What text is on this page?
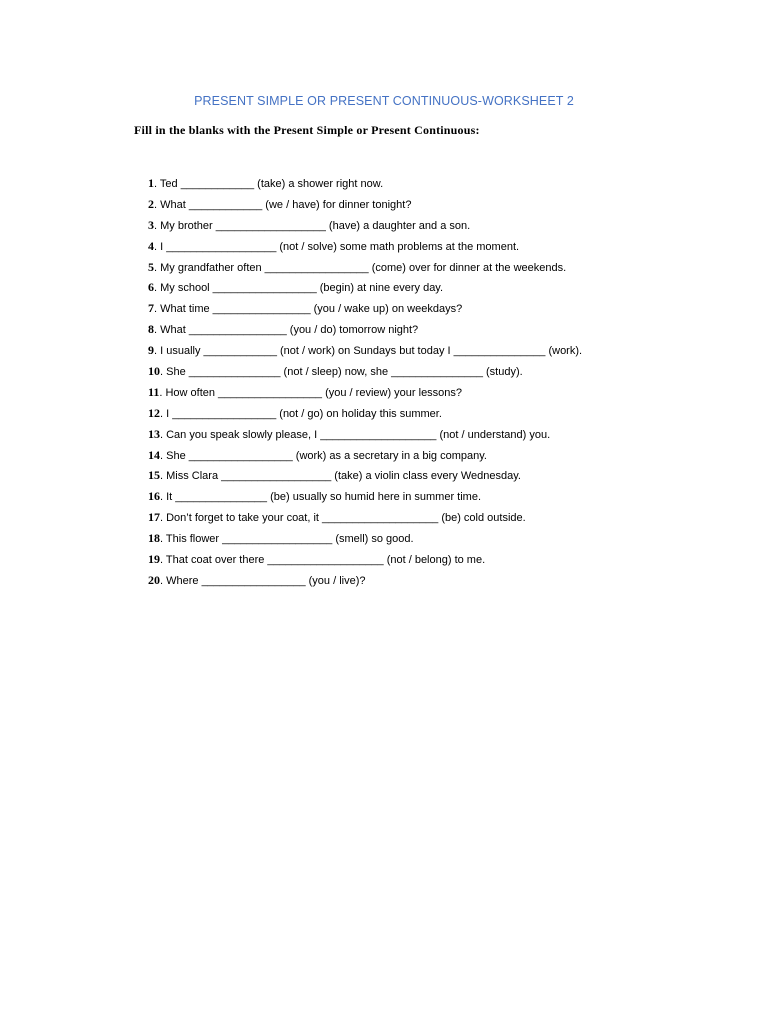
PRESENT SIMPLE OR PRESENT CONTINUOUS-WORKSHEET 2

Fill in the blanks with the Present Simple or Present Continuous:

1. Ted ____________ (take) a shower right now.
2. What ____________ (we / have) for dinner tonight?
3. My brother __________________ (have) a daughter and a son.
4. I __________________ (not / solve) some math problems at the moment.
5. My grandfather often _________________ (come) over for dinner at the weekends.
6. My school _________________ (begin) at nine every day.
7. What time ________________ (you / wake up) on weekdays?
8. What ________________ (you / do) tomorrow night?
9. I usually ____________ (not / work) on Sundays but today I _______________ (work).
10. She _______________ (not / sleep) now, she _______________ (study).
11. How often _________________ (you / review) your lessons?
12. I _________________ (not / go) on holiday this summer.
13. Can you speak slowly please, I ___________________ (not / understand) you.
14. She _________________ (work) as a secretary in a big company.
15. Miss Clara __________________ (take) a violin class every Wednesday.
16. It _______________ (be) usually so humid here in summer time.
17. Don’t forget to take your coat, it ___________________ (be) cold outside.
18. This flower __________________ (smell) so good.
19. That coat over there ___________________ (not / belong) to me.
20. Where _________________ (you / live)?
